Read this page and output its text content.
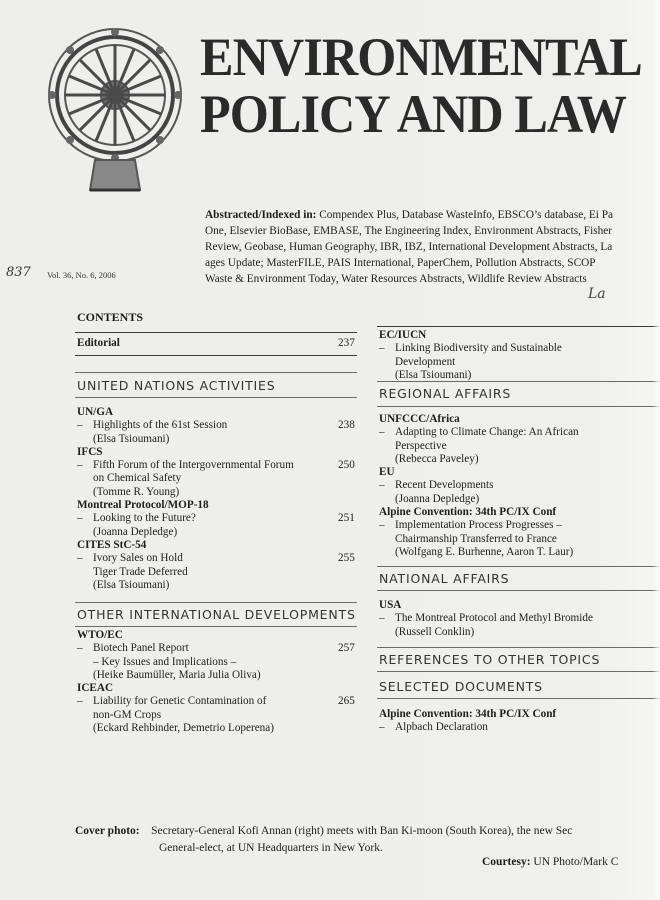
ENVIRONMENTAL
POLICY AND LAW
Abstracted/Indexed in: Compendex Plus, Database WasteInfo, EBSCO’s database, Ei Pa
One, Elsevier BioBase, EMBASE, The Engineering Index, Environment Abstracts, Fisher
Review, Geobase, Human Geography, IBR, IBZ, International Development Abstracts, La
ages Update; MasterFILE, PAIS International, PaperChem, Pollution Abstracts, SCOP
Waste & Environment Today, Water Resources Abstracts, Wildlife Review Abstracts
837 Vol. 36, No. 6, 2006
La
CONTENTS
Editorial	237
UNITED NATIONS ACTIVITIES
UN/GA
– Highlights of the 61st Session	238
(Elsa Tsioumani)
IFCS
– Fifth Forum of the Intergovernmental Forum	250
on Chemical Safety
(Tomme R. Young)
Montreal Protocol/MOP-18
– Looking to the Future?	251
(Joanna Depledge)
CITES StC-54
– Ivory Sales on Hold	255
Tiger Trade Deferred
(Elsa Tsioumani)
OTHER INTERNATIONAL DEVELOPMENTS
WTO/EC
– Biotech Panel Report	257
– Key Issues and Implications –
(Heike Baumüller, Maria Julia Oliva)
ICEAC
– Liability for Genetic Contamination of	265
non-GM Crops
(Eckard Rehbinder, Demetrio Loperena)
EC/IUCN
– Linking Biodiversity and Sustainable
Development
(Elsa Tsioumani)
REGIONAL AFFAIRS
UNFCCC/Africa
– Adapting to Climate Change: An African
Perspective
(Rebecca Paveley)
EU
– Recent Developments
(Joanna Depledge)
Alpine Convention: 34th PC/IX Conf
– Implementation Process Progresses –
Chairmanship Transferred to France
(Wolfgang E. Burhenne, Aaron T. Laur)
NATIONAL AFFAIRS
USA
– The Montreal Protocol and Methyl Bromide
(Russell Conklin)
REFERENCES TO OTHER TOPICS
SELECTED DOCUMENTS
Alpine Convention: 34th PC/IX Conf
– Alpbach Declaration
Cover photo: Secretary-General Kofi Annan (right) meets with Ban Ki-moon (South Korea), the new Sec
General-elect, at UN Headquarters in New York.
Courtesy: UN Photo/Mark C
